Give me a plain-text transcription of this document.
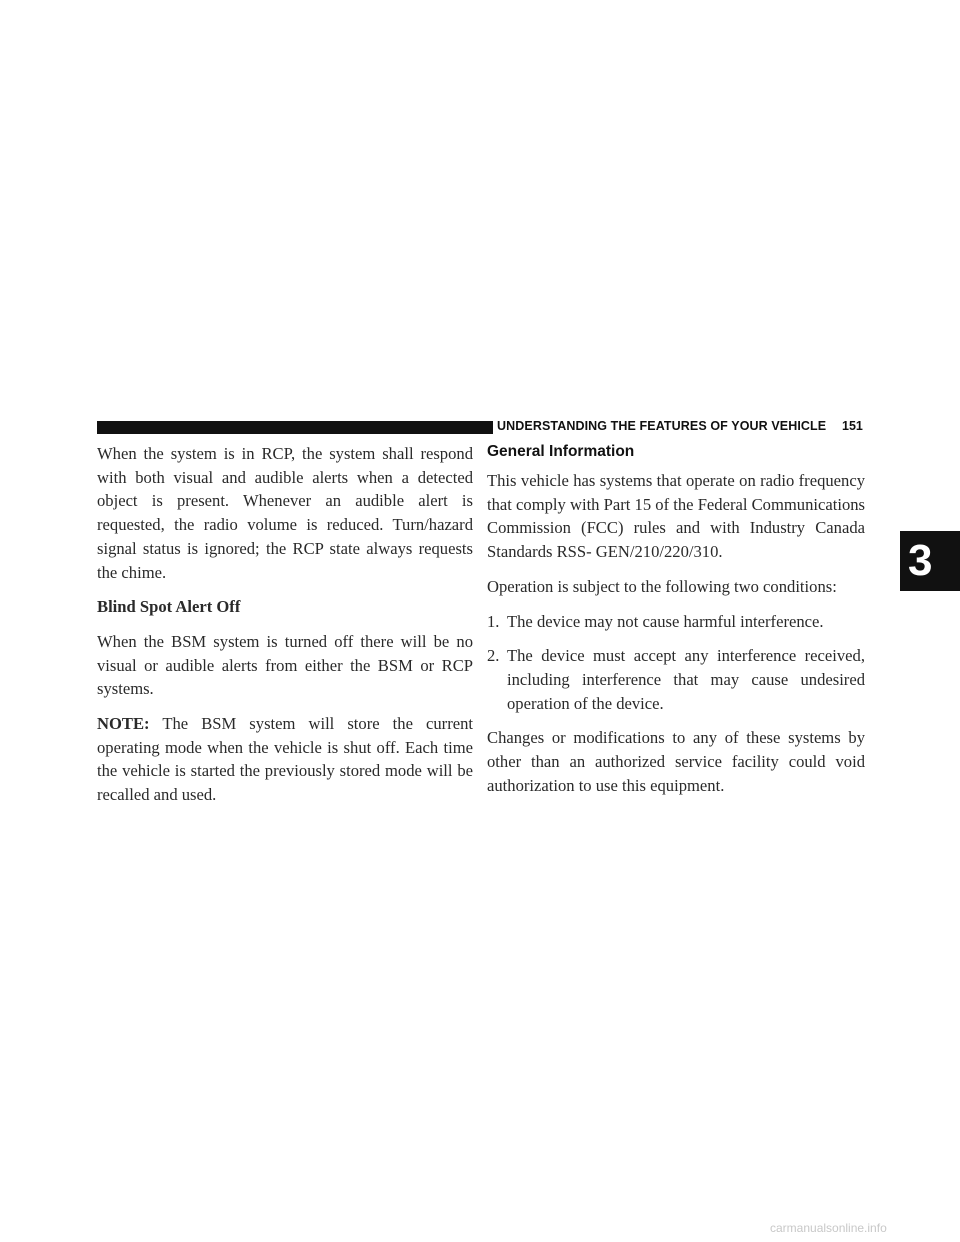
UNDERSTANDING THE FEATURES OF YOUR VEHICLE 151
3

When the system is in RCP, the system shall respond with both visual and audible alerts when a detected object is present. Whenever an audible alert is requested, the radio volume is reduced. Turn/hazard signal status is ignored; the RCP state always requests the chime.

Blind Spot Alert Off

When the BSM system is turned off there will be no visual or audible alerts from either the BSM or RCP systems.

NOTE: The BSM system will store the current operating mode when the vehicle is shut off. Each time the vehicle is started the previously stored mode will be recalled and used.

General Information

This vehicle has systems that operate on radio frequency that comply with Part 15 of the Federal Communications Commission (FCC) rules and with Industry Canada Standards RSS- GEN/210/220/310.

Operation is subject to the following two conditions:

1. The device may not cause harmful interference.
2. The device must accept any interference received, including interference that may cause undesired operation of the device.

Changes or modifications to any of these systems by other than an authorized service facility could void authorization to use this equipment.

carmanualsonline.info
